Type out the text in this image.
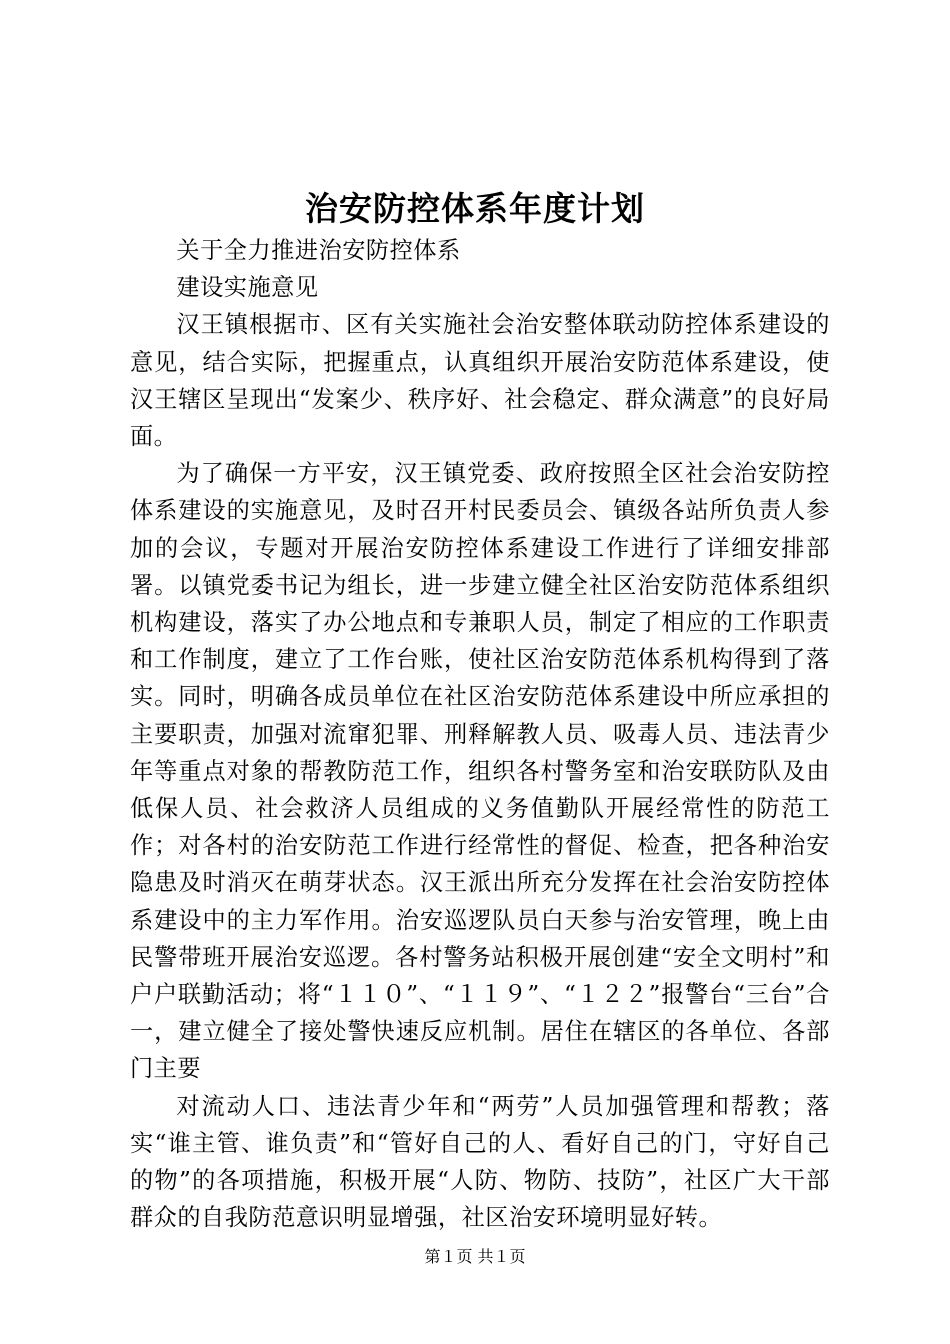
治安防控体系年度计划

关于全力推进治安防控体系

建设实施意见

汉王镇根据市、区有关实施社会治安整体联动防控体系建设的意见，结合实际，把握重点，认真组织开展治安防范体系建设，使汉王辖区呈现出“发案少、秩序好、社会稳定、群众满意”的良好局面。

为了确保一方平安，汉王镇党委、政府按照全区社会治安防控体系建设的实施意见，及时召开村民委员会、镇级各站所负责人参加的会议，专题对开展治安防控体系建设工作进行了详细安排部署。以镇党委书记为组长，进一步建立健全社区治安防范体系组织机构建设，落实了办公地点和专兼职人员，制定了相应的工作职责和工作制度，建立了工作台账，使社区治安防范体系机构得到了落实。同时，明确各成员单位在社区治安防范体系建设中所应承担的主要职责，加强对流窜犯罪、刑释解教人员、吸毒人员、违法青少年等重点对象的帮教防范工作，组织各村警务室和治安联防队及由低保人员、社会救济人员组成的义务值勤队开展经常性的防范工作；对各村的治安防范工作进行经常性的督促、检查，把各种治安隐患及时消灭在萌芽状态。汉王派出所充分发挥在社会治安防控体系建设中的主力军作用。治安巡逻队员白天参与治安管理，晚上由民警带班开展治安巡逻。各村警务站积极开展创建“安全文明村”和户户联勤活动；将“１１０”、“１１９”、“１２２”报警台“三台”合一，建立健全了接处警快速反应机制。居住在辖区的各单位、各部门主要

对流动人口、违法青少年和“两劳”人员加强管理和帮教；落实“谁主管、谁负责”和“管好自己的人、看好自己的门，守好自己的物”的各项措施，积极开展“人防、物防、技防”，社区广大干部群众的自我防范意识明显增强，社区治安环境明显好转。

第１页 共１页
